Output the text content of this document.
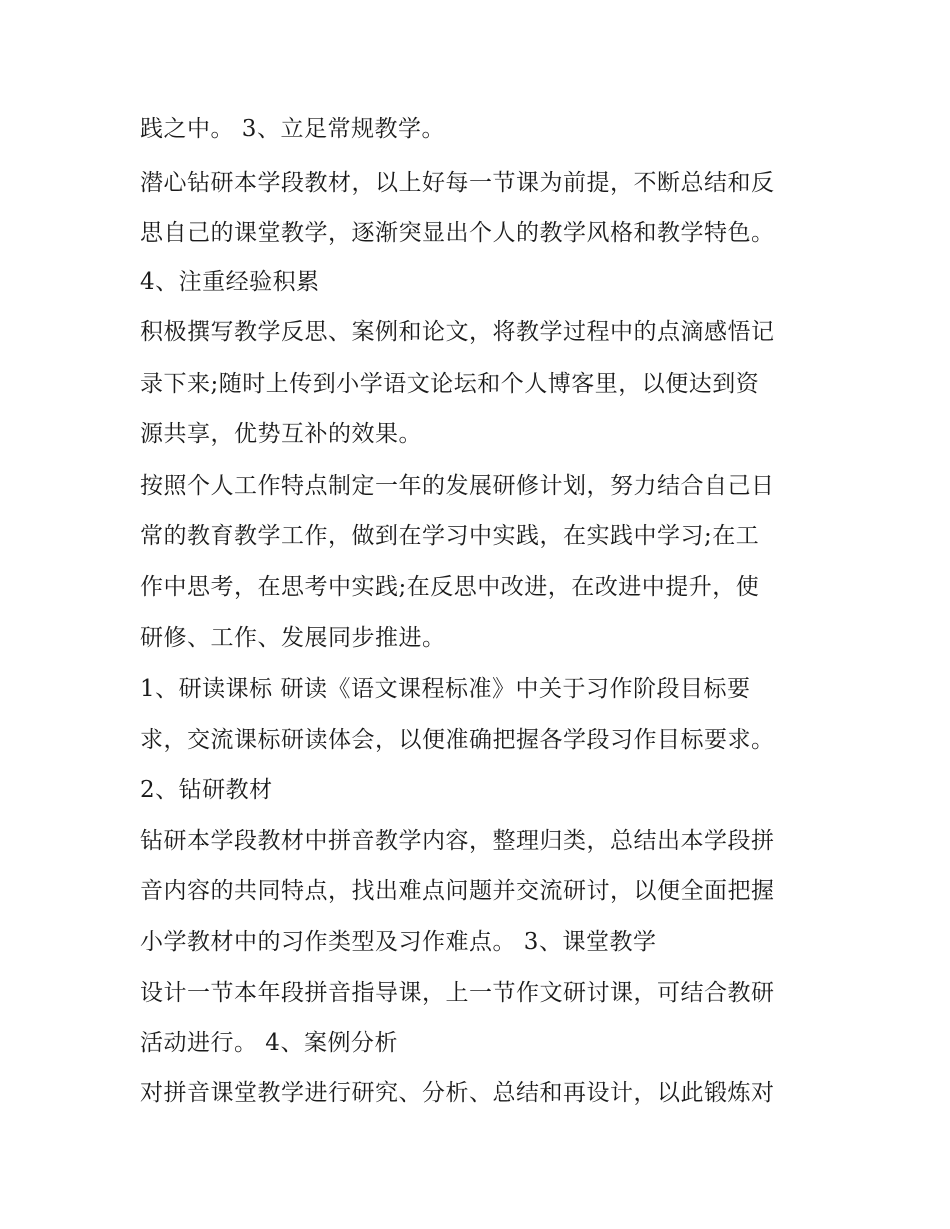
践之中。 3、立足常规教学。
潜心钻研本学段教材，以上好每一节课为前提，不断总结和反
思自己的课堂教学，逐渐突显出个人的教学风格和教学特色。
4、注重经验积累
积极撰写教学反思、案例和论文，将教学过程中的点滴感悟记
录下来;随时上传到小学语文论坛和个人博客里，以便达到资
源共享，优势互补的效果。
按照个人工作特点制定一年的发展研修计划，努力结合自己日
常的教育教学工作，做到在学习中实践，在实践中学习;在工
作中思考，在思考中实践;在反思中改进，在改进中提升，使
研修、工作、发展同步推进。
1、研读课标 研读《语文课程标准》中关于习作阶段目标要
求，交流课标研读体会，以便准确把握各学段习作目标要求。
2、钻研教材
钻研本学段教材中拼音教学内容，整理归类，总结出本学段拼
音内容的共同特点，找出难点问题并交流研讨，以便全面把握
小学教材中的习作类型及习作难点。 3、课堂教学
设计一节本年段拼音指导课，上一节作文研讨课，可结合教研
活动进行。 4、案例分析
对拼音课堂教学进行研究、分析、总结和再设计，以此锻炼对
